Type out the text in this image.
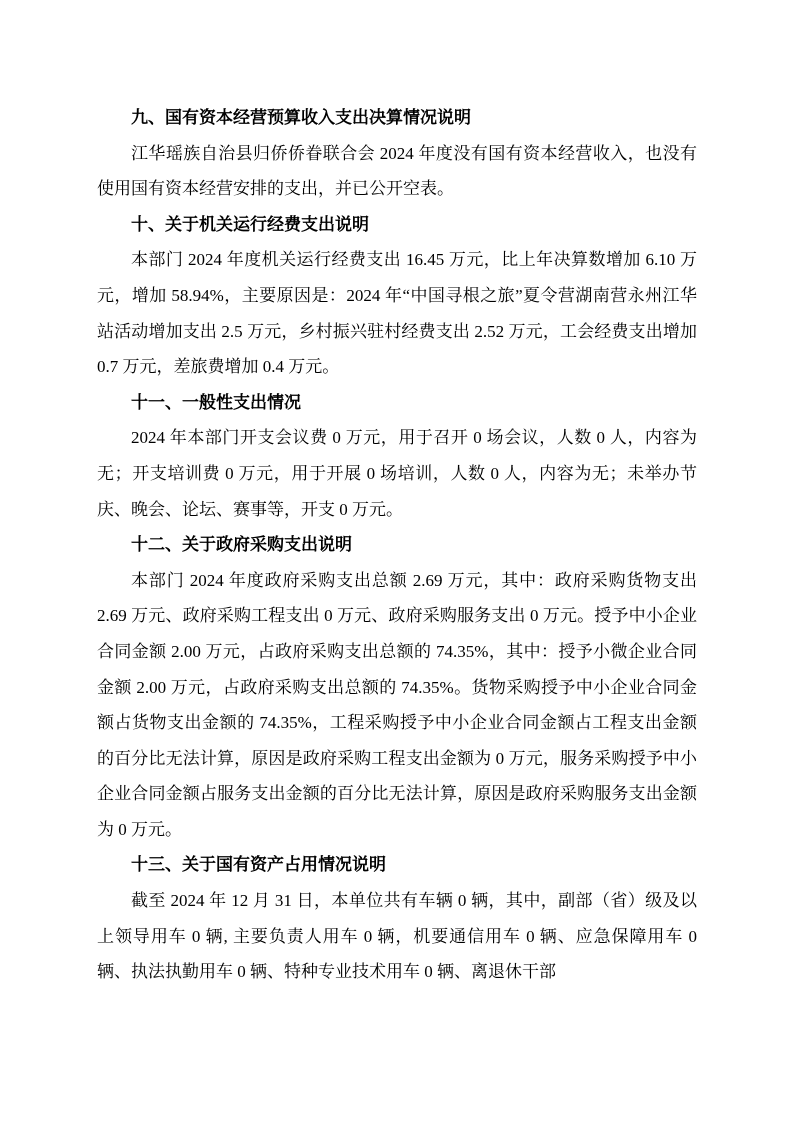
九、国有资本经营预算收入支出决算情况说明

江华瑶族自治县归侨侨眷联合会 2024 年度没有国有资本经营收入，也没有使用国有资本经营安排的支出，并已公开空表。

十、关于机关运行经费支出说明

本部门 2024 年度机关运行经费支出 16.45 万元，比上年决算数增加 6.10 万元，增加 58.94%，主要原因是：2024 年“中国寻根之旅”夏令营湖南营永州江华站活动增加支出 2.5 万元，乡村振兴驻村经费支出 2.52 万元，工会经费支出增加 0.7 万元，差旅费增加 0.4 万元。

十一、一般性支出情况

2024 年本部门开支会议费 0 万元，用于召开 0 场会议，人数 0 人，内容为无；开支培训费 0 万元，用于开展 0 场培训，人数 0 人，内容为无；未举办节庆、晚会、论坛、赛事等，开支 0 万元。

十二、关于政府采购支出说明

本部门 2024 年度政府采购支出总额 2.69 万元，其中：政府采购货物支出 2.69 万元、政府采购工程支出 0 万元、政府采购服务支出 0 万元。授予中小企业合同金额 2.00 万元，占政府采购支出总额的 74.35%，其中：授予小微企业合同金额 2.00 万元，占政府采购支出总额的 74.35%。货物采购授予中小企业合同金额占货物支出金额的 74.35%，工程采购授予中小企业合同金额占工程支出金额的百分比无法计算，原因是政府采购工程支出金额为 0 万元，服务采购授予中小企业合同金额占服务支出金额的百分比无法计算，原因是政府采购服务支出金额为 0 万元。

十三、关于国有资产占用情况说明

截至 2024 年 12 月 31 日，本单位共有车辆 0 辆，其中，副部（省）级及以上领导用车 0 辆, 主要负责人用车 0 辆，机要通信用车 0 辆、应急保障用车 0 辆、执法执勤用车 0 辆、特种专业技术用车 0 辆、离退休干部
